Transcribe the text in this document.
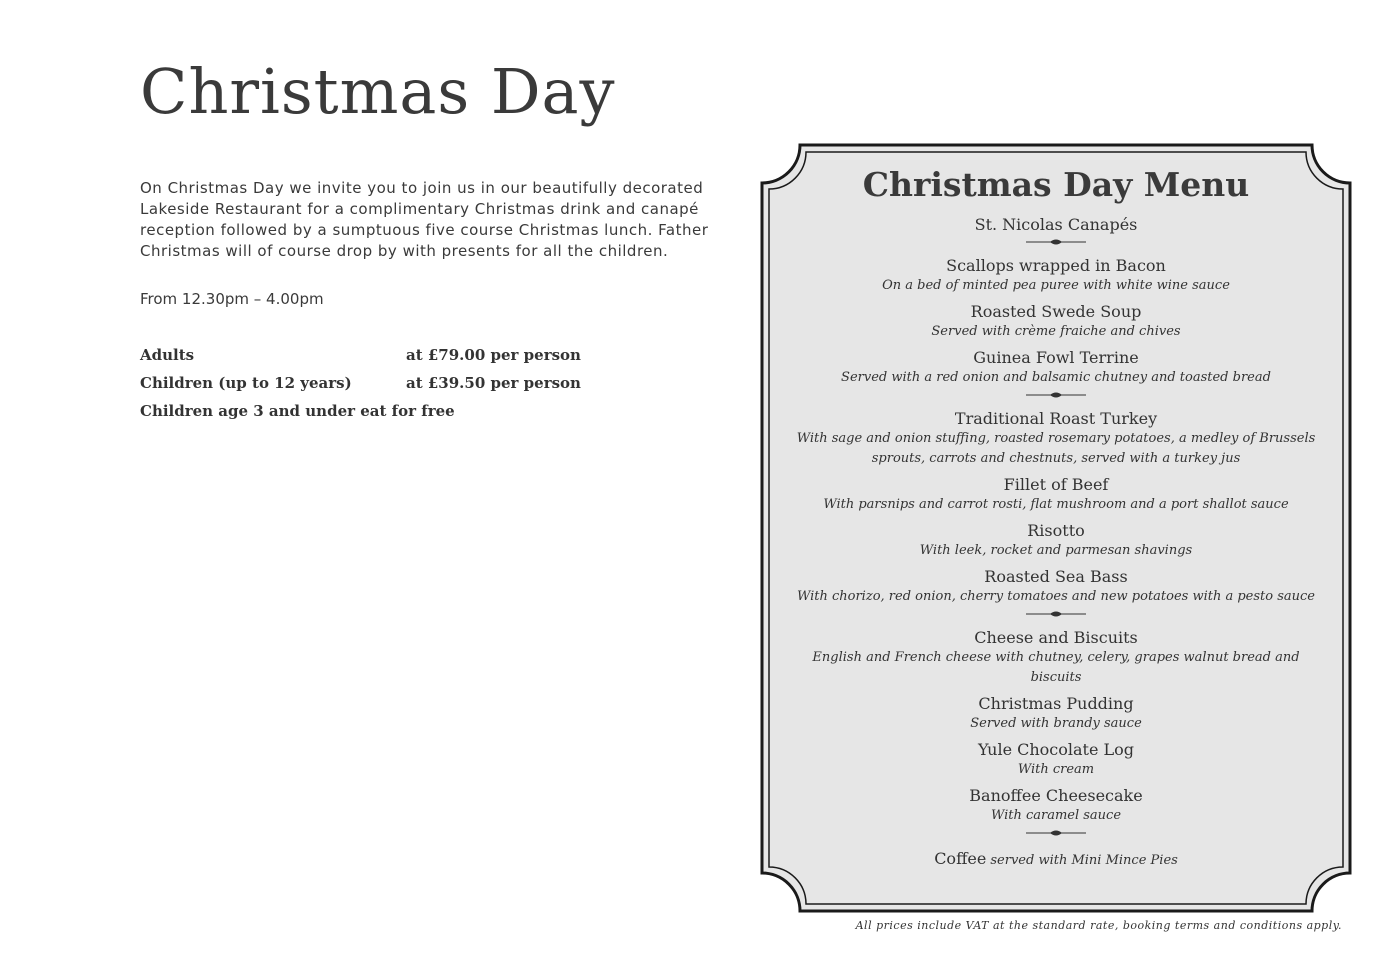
Christmas Day

On Christmas Day we invite you to join us in our beautifully decorated Lakeside Restaurant for a complimentary Christmas drink and canapé reception followed by a sumptuous five course Christmas lunch. Father Christmas will of course drop by with presents for all the children.

From 12.30pm – 4.00pm

Adults	at £79.00 per person
Children (up to 12 years)	at £39.50 per person
Children age 3 and under eat for free
Christmas Day Menu
St. Nicolas Canapés
Scallops wrapped in Bacon
On a bed of minted pea puree with white wine sauce
Roasted Swede Soup
Served with crème fraiche and chives
Guinea Fowl Terrine
Served with a red onion and balsamic chutney and toasted bread
Traditional Roast Turkey
With sage and onion stuffing, roasted rosemary potatoes, a medley of Brussels sprouts, carrots and chestnuts, served with a turkey jus
Fillet of Beef
With parsnips and carrot rosti, flat mushroom and a port shallot sauce
Risotto
With leek, rocket and parmesan shavings
Roasted Sea Bass
With chorizo, red onion, cherry tomatoes and new potatoes with a pesto sauce
Cheese and Biscuits
English and French cheese with chutney, celery, grapes walnut bread and biscuits
Christmas Pudding
Served with brandy sauce
Yule Chocolate Log
With cream
Banoffee Cheesecake
With caramel sauce
Coffee served with Mini Mince Pies
All prices include VAT at the standard rate, booking terms and conditions apply.
